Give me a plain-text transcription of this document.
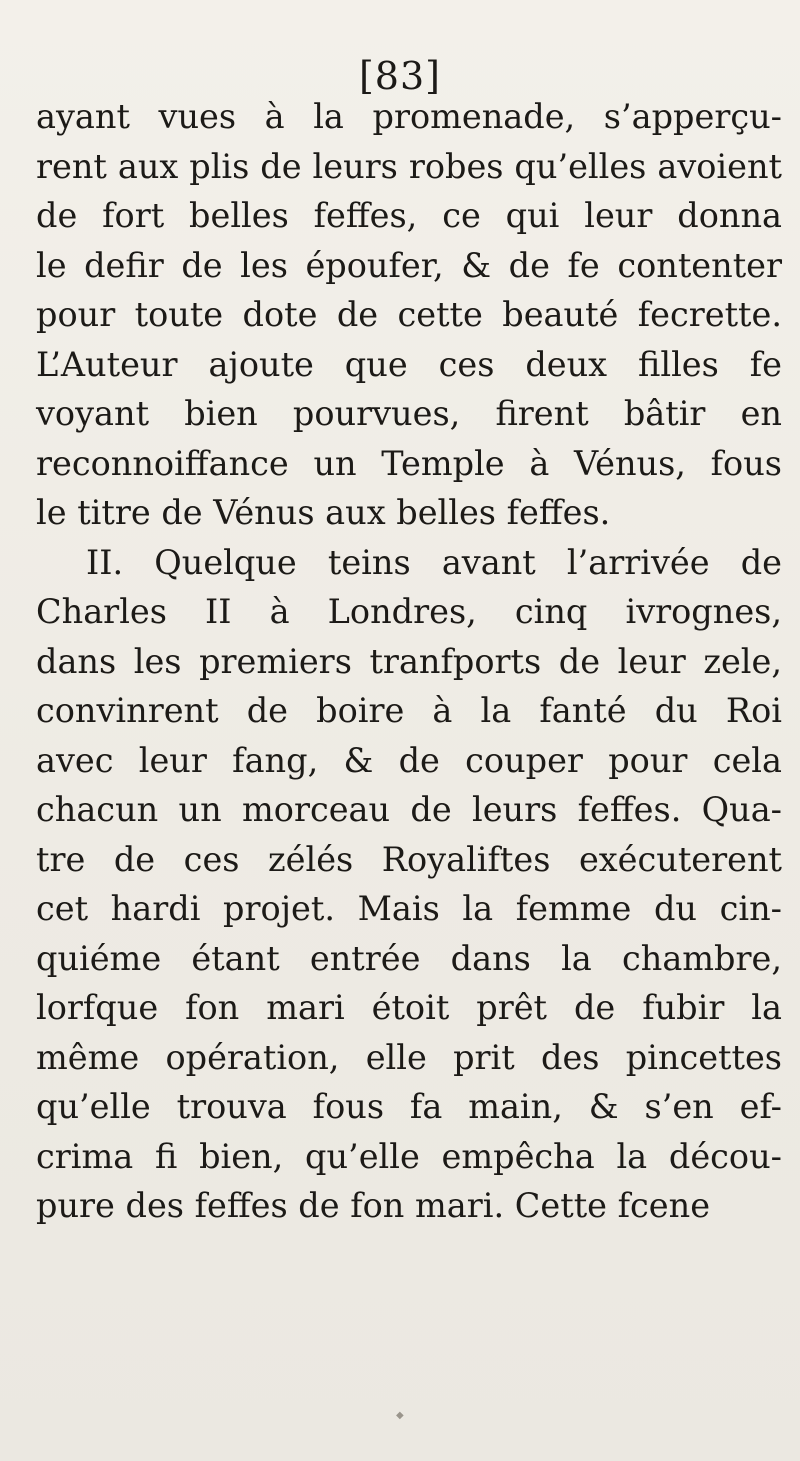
[83]
ayant vues à la promenade, s’apperçu-
rent aux plis de leurs robes qu’elles avoient
de fort belles feffes, ce qui leur donna
le defir de les époufer, & de fe contenter
pour toute dote de cette beauté fecrette.
L’Auteur ajoute que ces deux filles fe
voyant bien pourvues, firent bâtir en
reconnoiffance un Temple à Vénus, fous
le titre de Vénus aux belles feffes.
II. Quelque teins avant l’arrivée de
Charles II à Londres, cinq ivrognes,
dans les premiers tranfports de leur zele,
convinrent de boire à la fanté du Roi
avec leur fang, & de couper pour cela
chacun un morceau de leurs feffes. Qua-
tre de ces zélés Royaliftes exécuterent
cet hardi projet. Mais la femme du cin-
quiéme étant entrée dans la chambre,
lorfque fon mari étoit prêt de fubir la
même opération, elle prit des pincettes
qu’elle trouva fous fa main, & s’en ef-
crima fi bien, qu’elle empêcha la décou-
pure des feffes de fon mari. Cette fcene
◆
